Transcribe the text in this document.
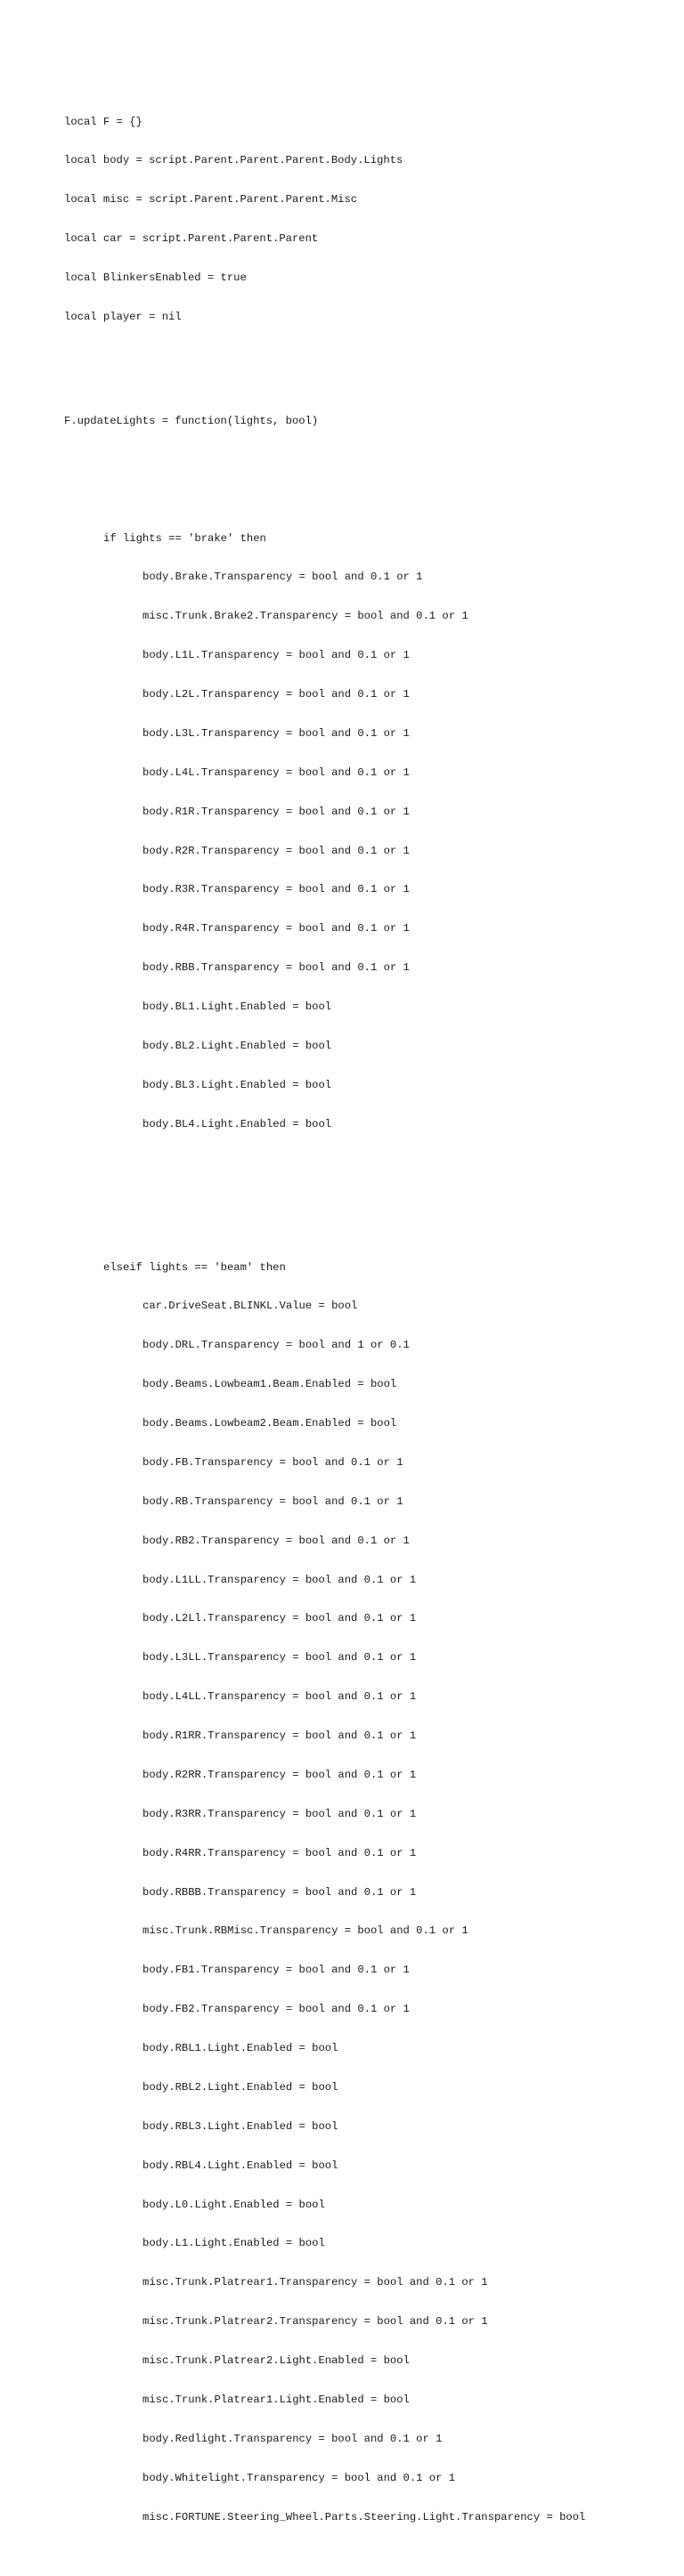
local F = {}

local body = script.Parent.Parent.Parent.Body.Lights

local misc = script.Parent.Parent.Parent.Misc

local car = script.Parent.Parent.Parent

local BlinkersEnabled = true

local player = nil

F.updateLights = function(lights, bool)

if lights == 'brake' then

body.Brake.Transparency = bool and 0.1 or 1

misc.Trunk.Brake2.Transparency = bool and 0.1 or 1

body.L1L.Transparency = bool and 0.1 or 1

body.L2L.Transparency = bool and 0.1 or 1

body.L3L.Transparency = bool and 0.1 or 1

body.L4L.Transparency = bool and 0.1 or 1

body.R1R.Transparency = bool and 0.1 or 1

body.R2R.Transparency = bool and 0.1 or 1

body.R3R.Transparency = bool and 0.1 or 1

body.R4R.Transparency = bool and 0.1 or 1

body.RBB.Transparency = bool and 0.1 or 1

body.BL1.Light.Enabled = bool

body.BL2.Light.Enabled = bool

body.BL3.Light.Enabled = bool

body.BL4.Light.Enabled = bool

elseif lights == 'beam' then

car.DriveSeat.BLINKL.Value = bool

body.DRL.Transparency = bool and 1 or 0.1

body.Beams.Lowbeam1.Beam.Enabled = bool

body.Beams.Lowbeam2.Beam.Enabled = bool

body.FB.Transparency = bool and 0.1 or 1

body.RB.Transparency = bool and 0.1 or 1

body.RB2.Transparency = bool and 0.1 or 1

body.L1LL.Transparency = bool and 0.1 or 1

body.L2Ll.Transparency = bool and 0.1 or 1

body.L3LL.Transparency = bool and 0.1 or 1

body.L4LL.Transparency = bool and 0.1 or 1

body.R1RR.Transparency = bool and 0.1 or 1

body.R2RR.Transparency = bool and 0.1 or 1

body.R3RR.Transparency = bool and 0.1 or 1

body.R4RR.Transparency = bool and 0.1 or 1

body.RBBB.Transparency = bool and 0.1 or 1

misc.Trunk.RBMisc.Transparency = bool and 0.1 or 1

body.FB1.Transparency = bool and 0.1 or 1

body.FB2.Transparency = bool and 0.1 or 1

body.RBL1.Light.Enabled = bool

body.RBL2.Light.Enabled = bool

body.RBL3.Light.Enabled = bool

body.RBL4.Light.Enabled = bool

body.L0.Light.Enabled = bool

body.L1.Light.Enabled = bool

misc.Trunk.Platrear1.Transparency = bool and 0.1 or 1

misc.Trunk.Platrear2.Transparency = bool and 0.1 or 1

misc.Trunk.Platrear2.Light.Enabled = bool

misc.Trunk.Platrear1.Light.Enabled = bool

body.Redlight.Transparency = bool and 0.1 or 1

body.Whitelight.Transparency = bool and 0.1 or 1

misc.FORTUNE.Steering_Wheel.Parts.Steering.Light.Transparency = bool
